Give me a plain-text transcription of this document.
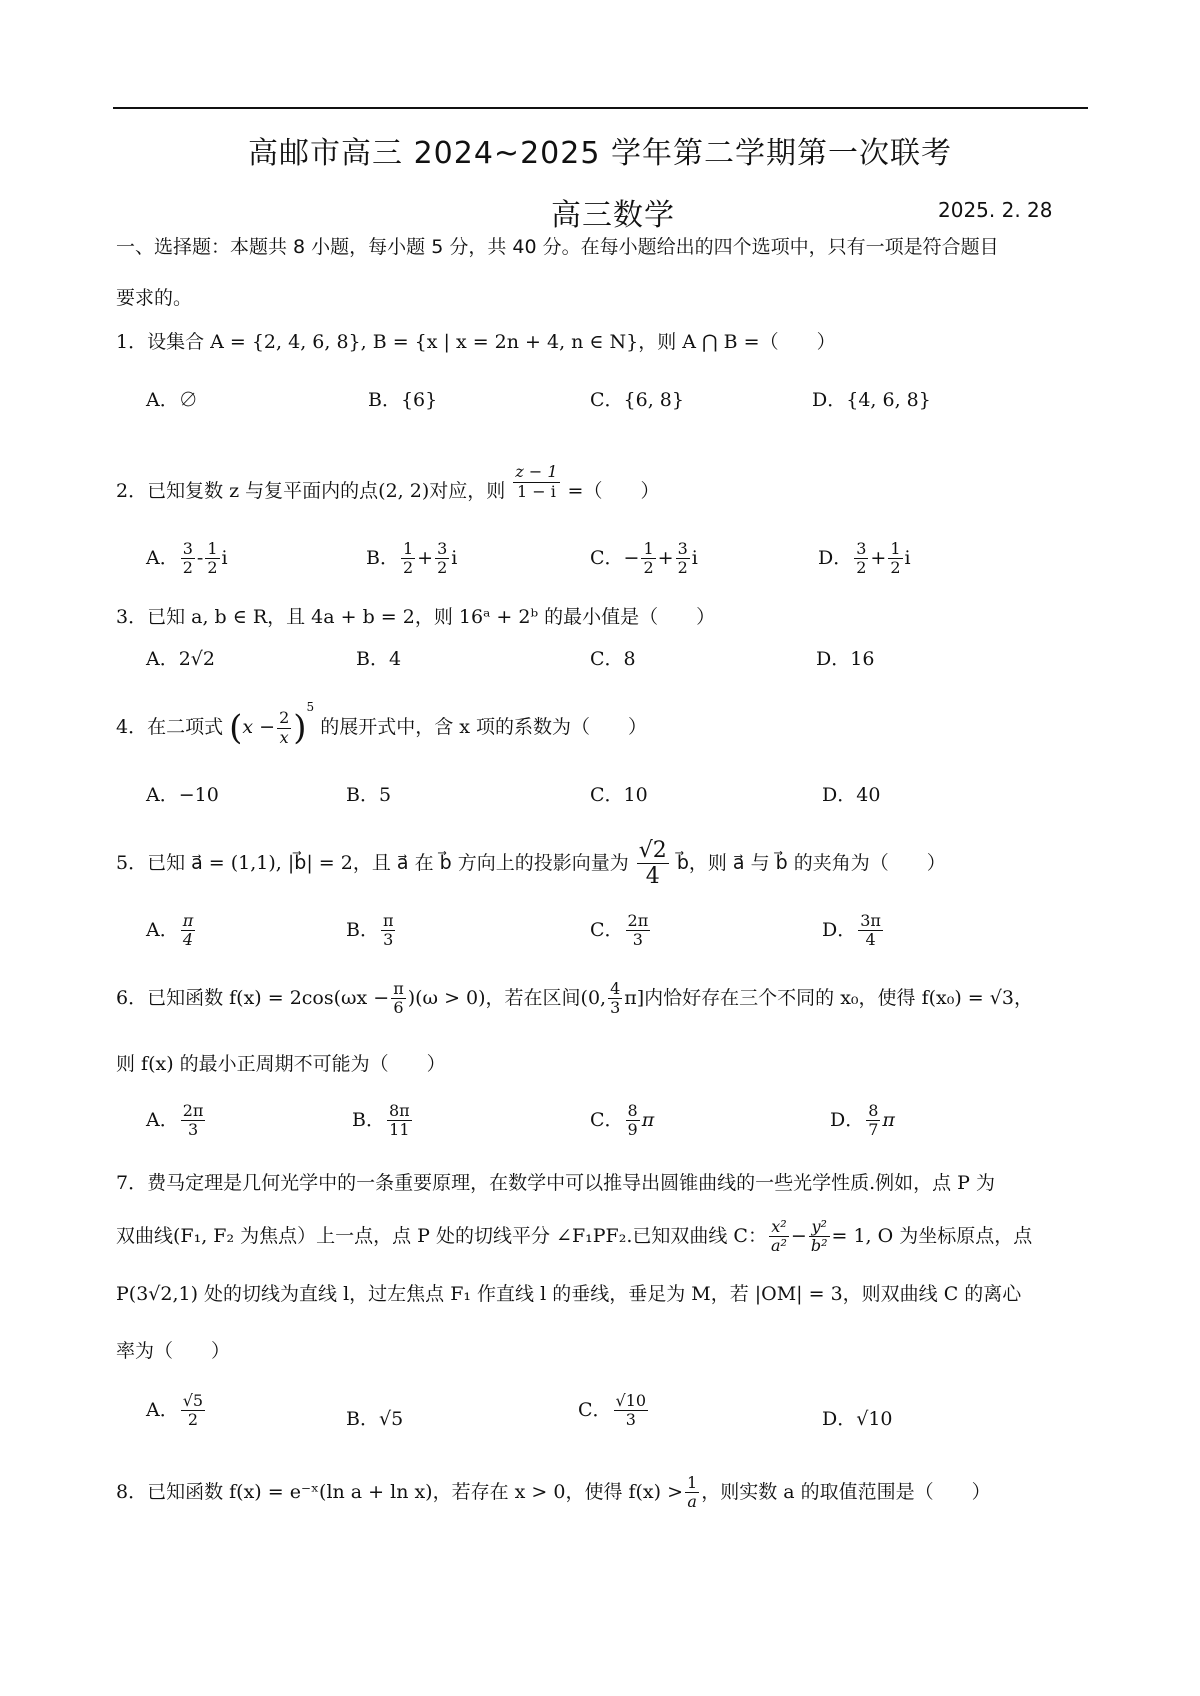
高邮市高三 2024~2025 学年第二学期第一次联考
高三数学	2025. 2. 28
一、选择题：本题共 8 小题，每小题 5 分，共 40 分。在每小题给出的四个选项中，只有一项是符合题目
要求的。
1．设集合 A = {2, 4, 6, 8}, B = {x | x = 2n + 4, n ∈ N}，则 A ⋂ B =（　　）
A．∅	B．{6}	C．{6, 8}	D．{4, 6, 8}
2．已知复数 z 与复平面内的点(2, 2)对应，则 $\frac{z - 1}{1 - i}$ =（　　）
A． $\frac{3}{2} - \frac{1}{2}$ i	B． $\frac{1}{2} + \frac{3}{2}$ i	C．− $\frac{1}{2} + \frac{3}{2}$ i	D． $\frac{3}{2} + \frac{1}{2}$ i
3．已知 a, b ∈ R，且 4a + b = 2，则 16ᵃ + 2ᵇ 的最小值是（　　）
A．2√2	B．4	C．8	D．16
4．在二项式 $(x - \frac{2}{x} )^5$ 的展开式中，含 x 项的系数为（　　）
A．−10	B．5	C．10	D．40
5．已知 a⃗ = (1,1), |b⃗| = 2，且 a⃗ 在 b⃗ 方向上的投影向量为 $\frac{√2}{4}$ b⃗，则 a⃗ 与 b⃗ 的夹角为（　　）
A． $\frac{\pi}{4}$	B． $\frac{\pi}{3}$	C． $\frac{2\pi}{3}$	D． $\frac{3\pi}{4}$
6．已知函数 $f(x) = 2\cos(\omega x - \frac{\pi}{6} )(\omega > 0)$，若在区间(0, $\frac{4}{3} \pi$]内恰好存在三个不同的 x₀，使得 f(x₀) = √3，
则 f(x) 的最小正周期不可能为（　　）
A． $\frac{2\pi}{3}$	B． $\frac{8\pi}{11}$	C． $\frac{8}{9}$ π	D． $\frac{8}{7}$ π
7．费马定理是几何光学中的一条重要原理，在数学中可以推导出圆锥曲线的一些光学性质.例如，点 P 为
双曲线(F₁, F₂ 为焦点）上一点，点 P 处的切线平分 ∠F₁PF₂.已知双曲线 C： $\frac{\text{x²}}{\text{a²}} - \frac{\text{y²}}{\text{b²}} = 1$, O 为坐标原点，点
P(3√2,1) 处的切线为直线 l，过左焦点 F₁ 作直线 l 的垂线，垂足为 M，若 |OM| = 3，则双曲线 C 的离心
率为（　　）
A． $\frac{√5}{2}$	B．√5	C． $\frac{√10}{3}$	D．√10
8．已知函数 f(x) = e⁻ˣ(ln a + ln x)，若存在 x > 0，使得 $f(x) > \frac{1}{a}$ ，则实数 a 的取值范围是（　　）
